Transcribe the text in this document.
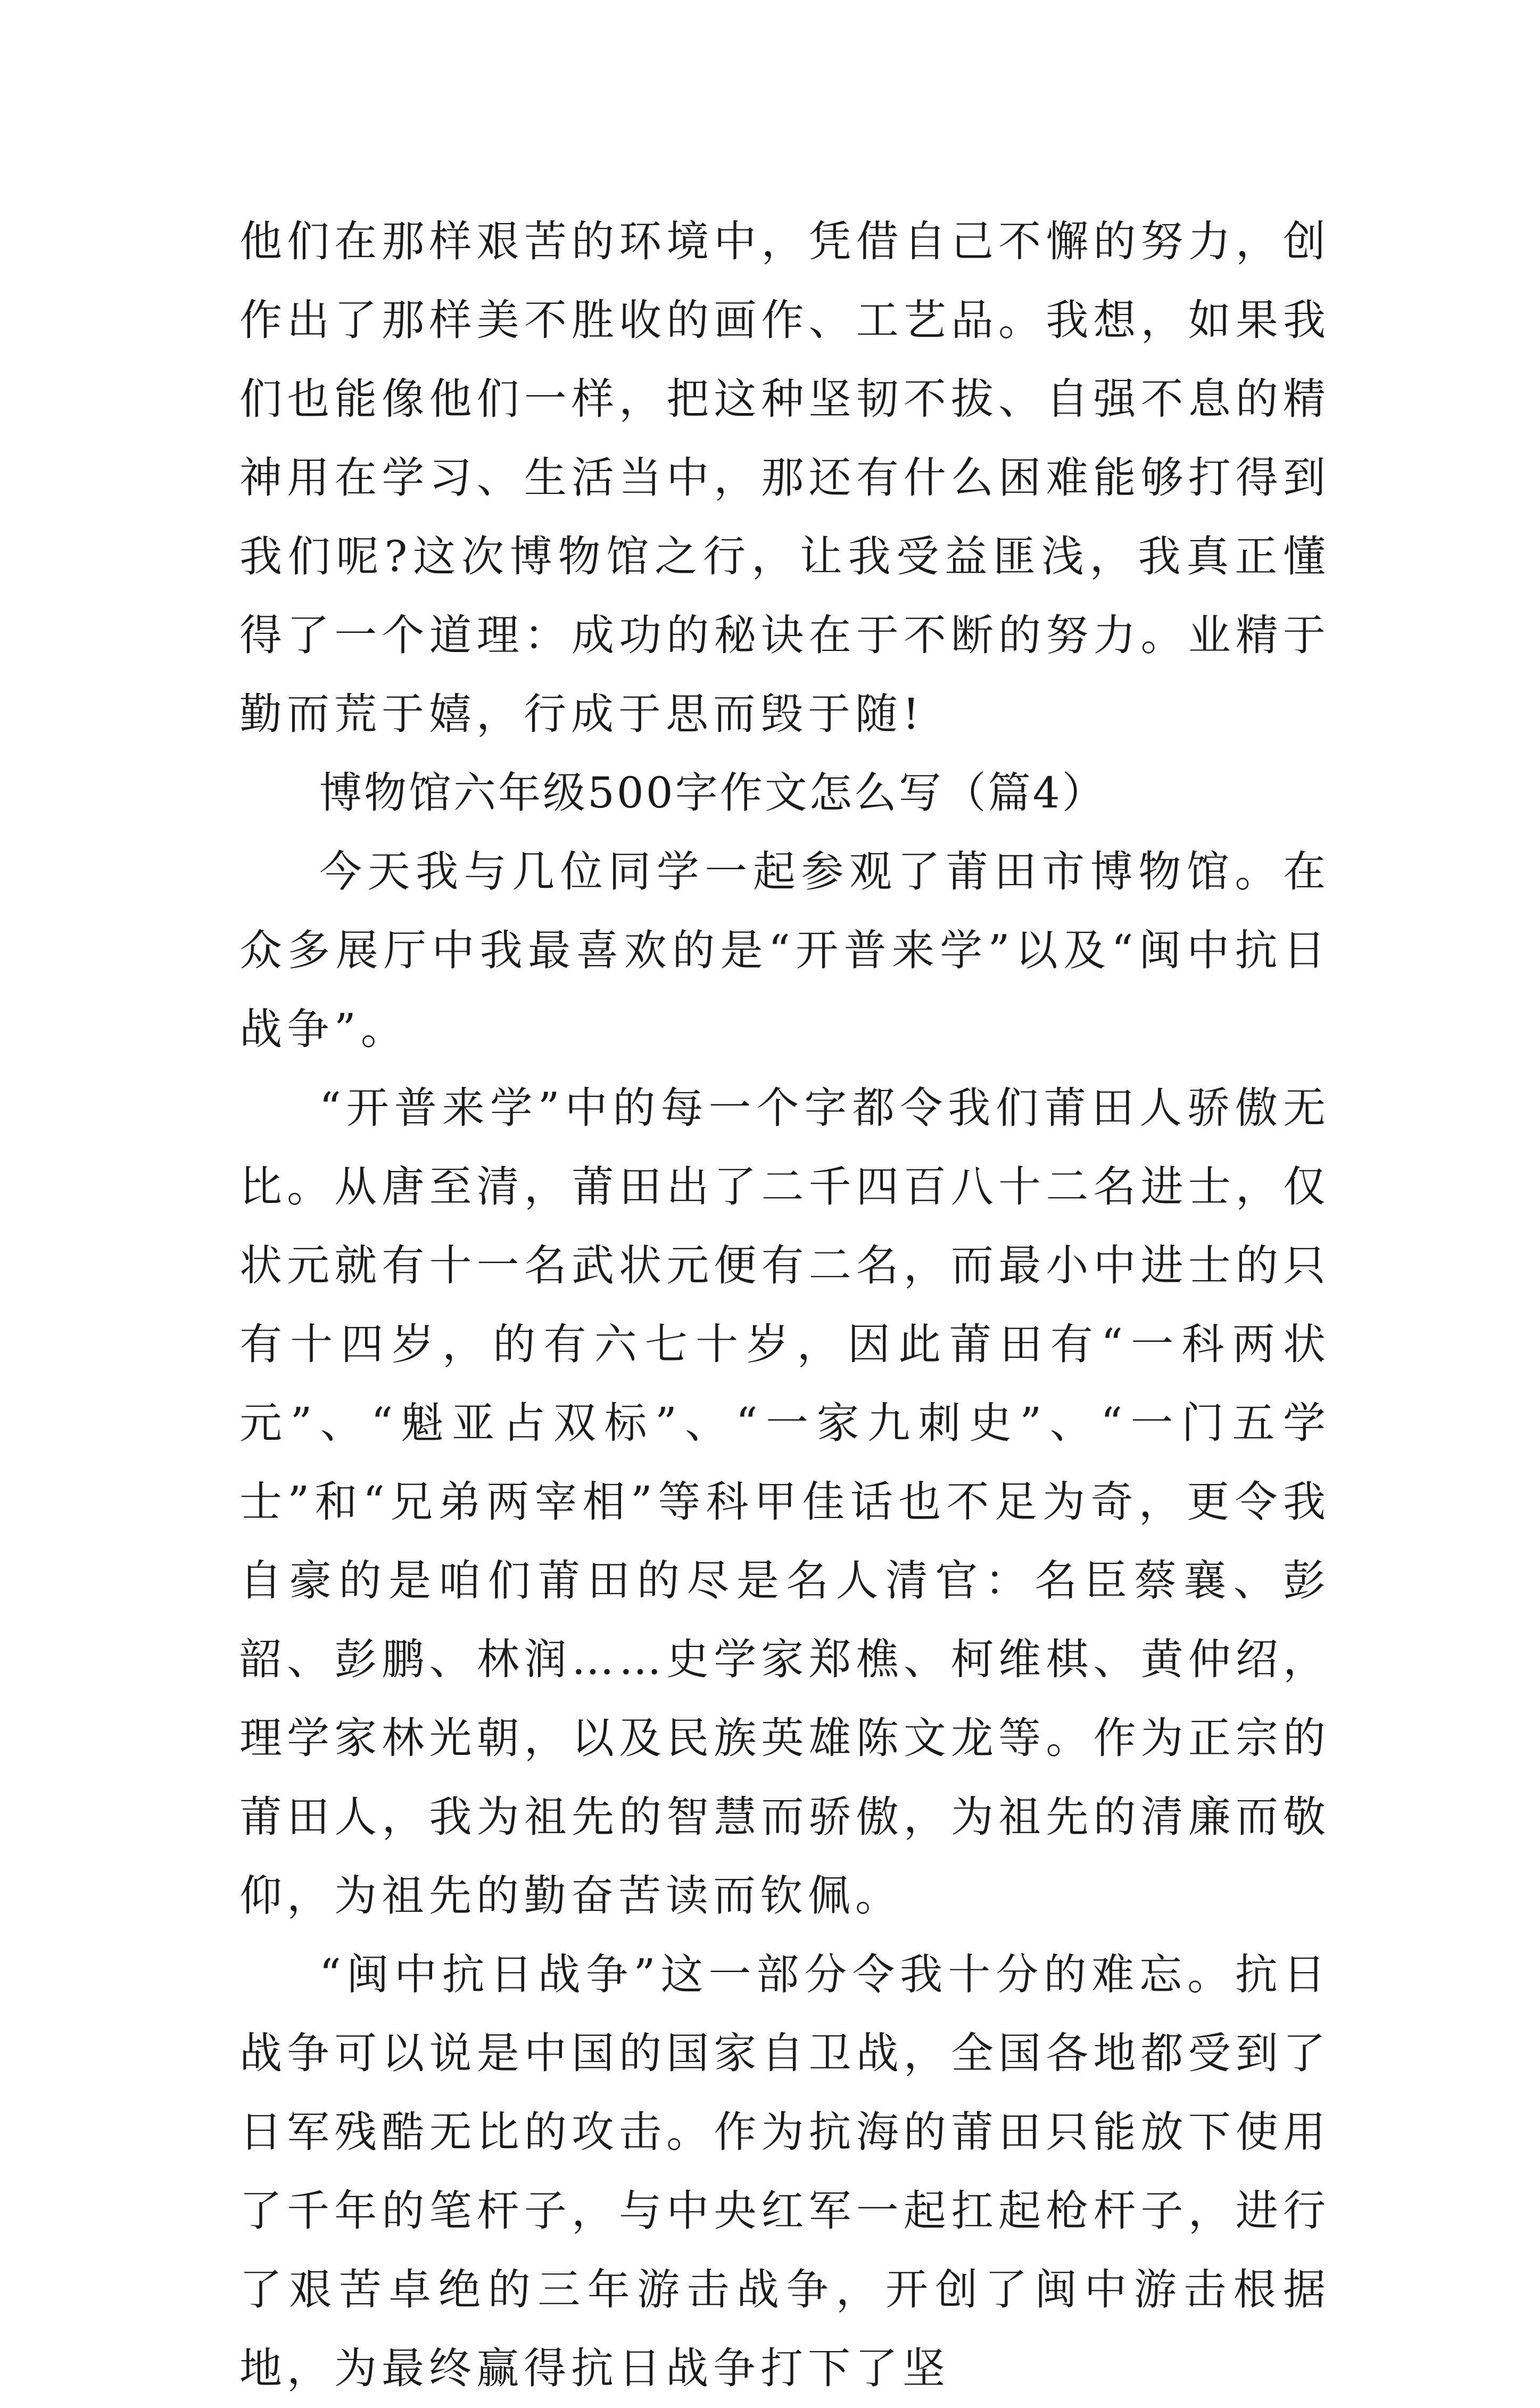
他们在那样艰苦的环境中，凭借自己不懈的努力，创作出了那样美不胜收的画作、工艺品。我想，如果我们也能像他们一样，把这种坚韧不拔、自强不息的精神用在学习、生活当中，那还有什么困难能够打得到我们呢?这次博物馆之行，让我受益匪浅，我真正懂得了一个道理：成功的秘诀在于不断的努力。业精于勤而荒于嬉，行成于思而毁于随!

博物馆六年级500字作文怎么写（篇4）

今天我与几位同学一起参观了莆田市博物馆。在众多展厅中我最喜欢的是“开普来学”以及“闽中抗日战争”。

“开普来学”中的每一个字都令我们莆田人骄傲无比。从唐至清，莆田出了二千四百八十二名进士，仅状元就有十一名武状元便有二名，而最小中进士的只有十四岁，的有六七十岁，因此莆田有“一科两状元”、“魁亚占双标”、“一家九刺史”、“一门五学士”和“兄弟两宰相”等科甲佳话也不足为奇，更令我自豪的是咱们莆田的尽是名人清官：名臣蔡襄、彭韶、彭鹏、林润……史学家郑樵、柯维棋、黄仲绍，理学家林光朝，以及民族英雄陈文龙等。作为正宗的莆田人，我为祖先的智慧而骄傲，为祖先的清廉而敬仰，为祖先的勤奋苦读而钦佩。

“闽中抗日战争”这一部分令我十分的难忘。抗日战争可以说是中国的国家自卫战，全国各地都受到了日军残酷无比的攻击。作为抗海的莆田只能放下使用了千年的笔杆子，与中央红军一起扛起枪杆子，进行了艰苦卓绝的三年游击战争，开创了闽中游击根据地，为最终赢得抗日战争打下了坚
